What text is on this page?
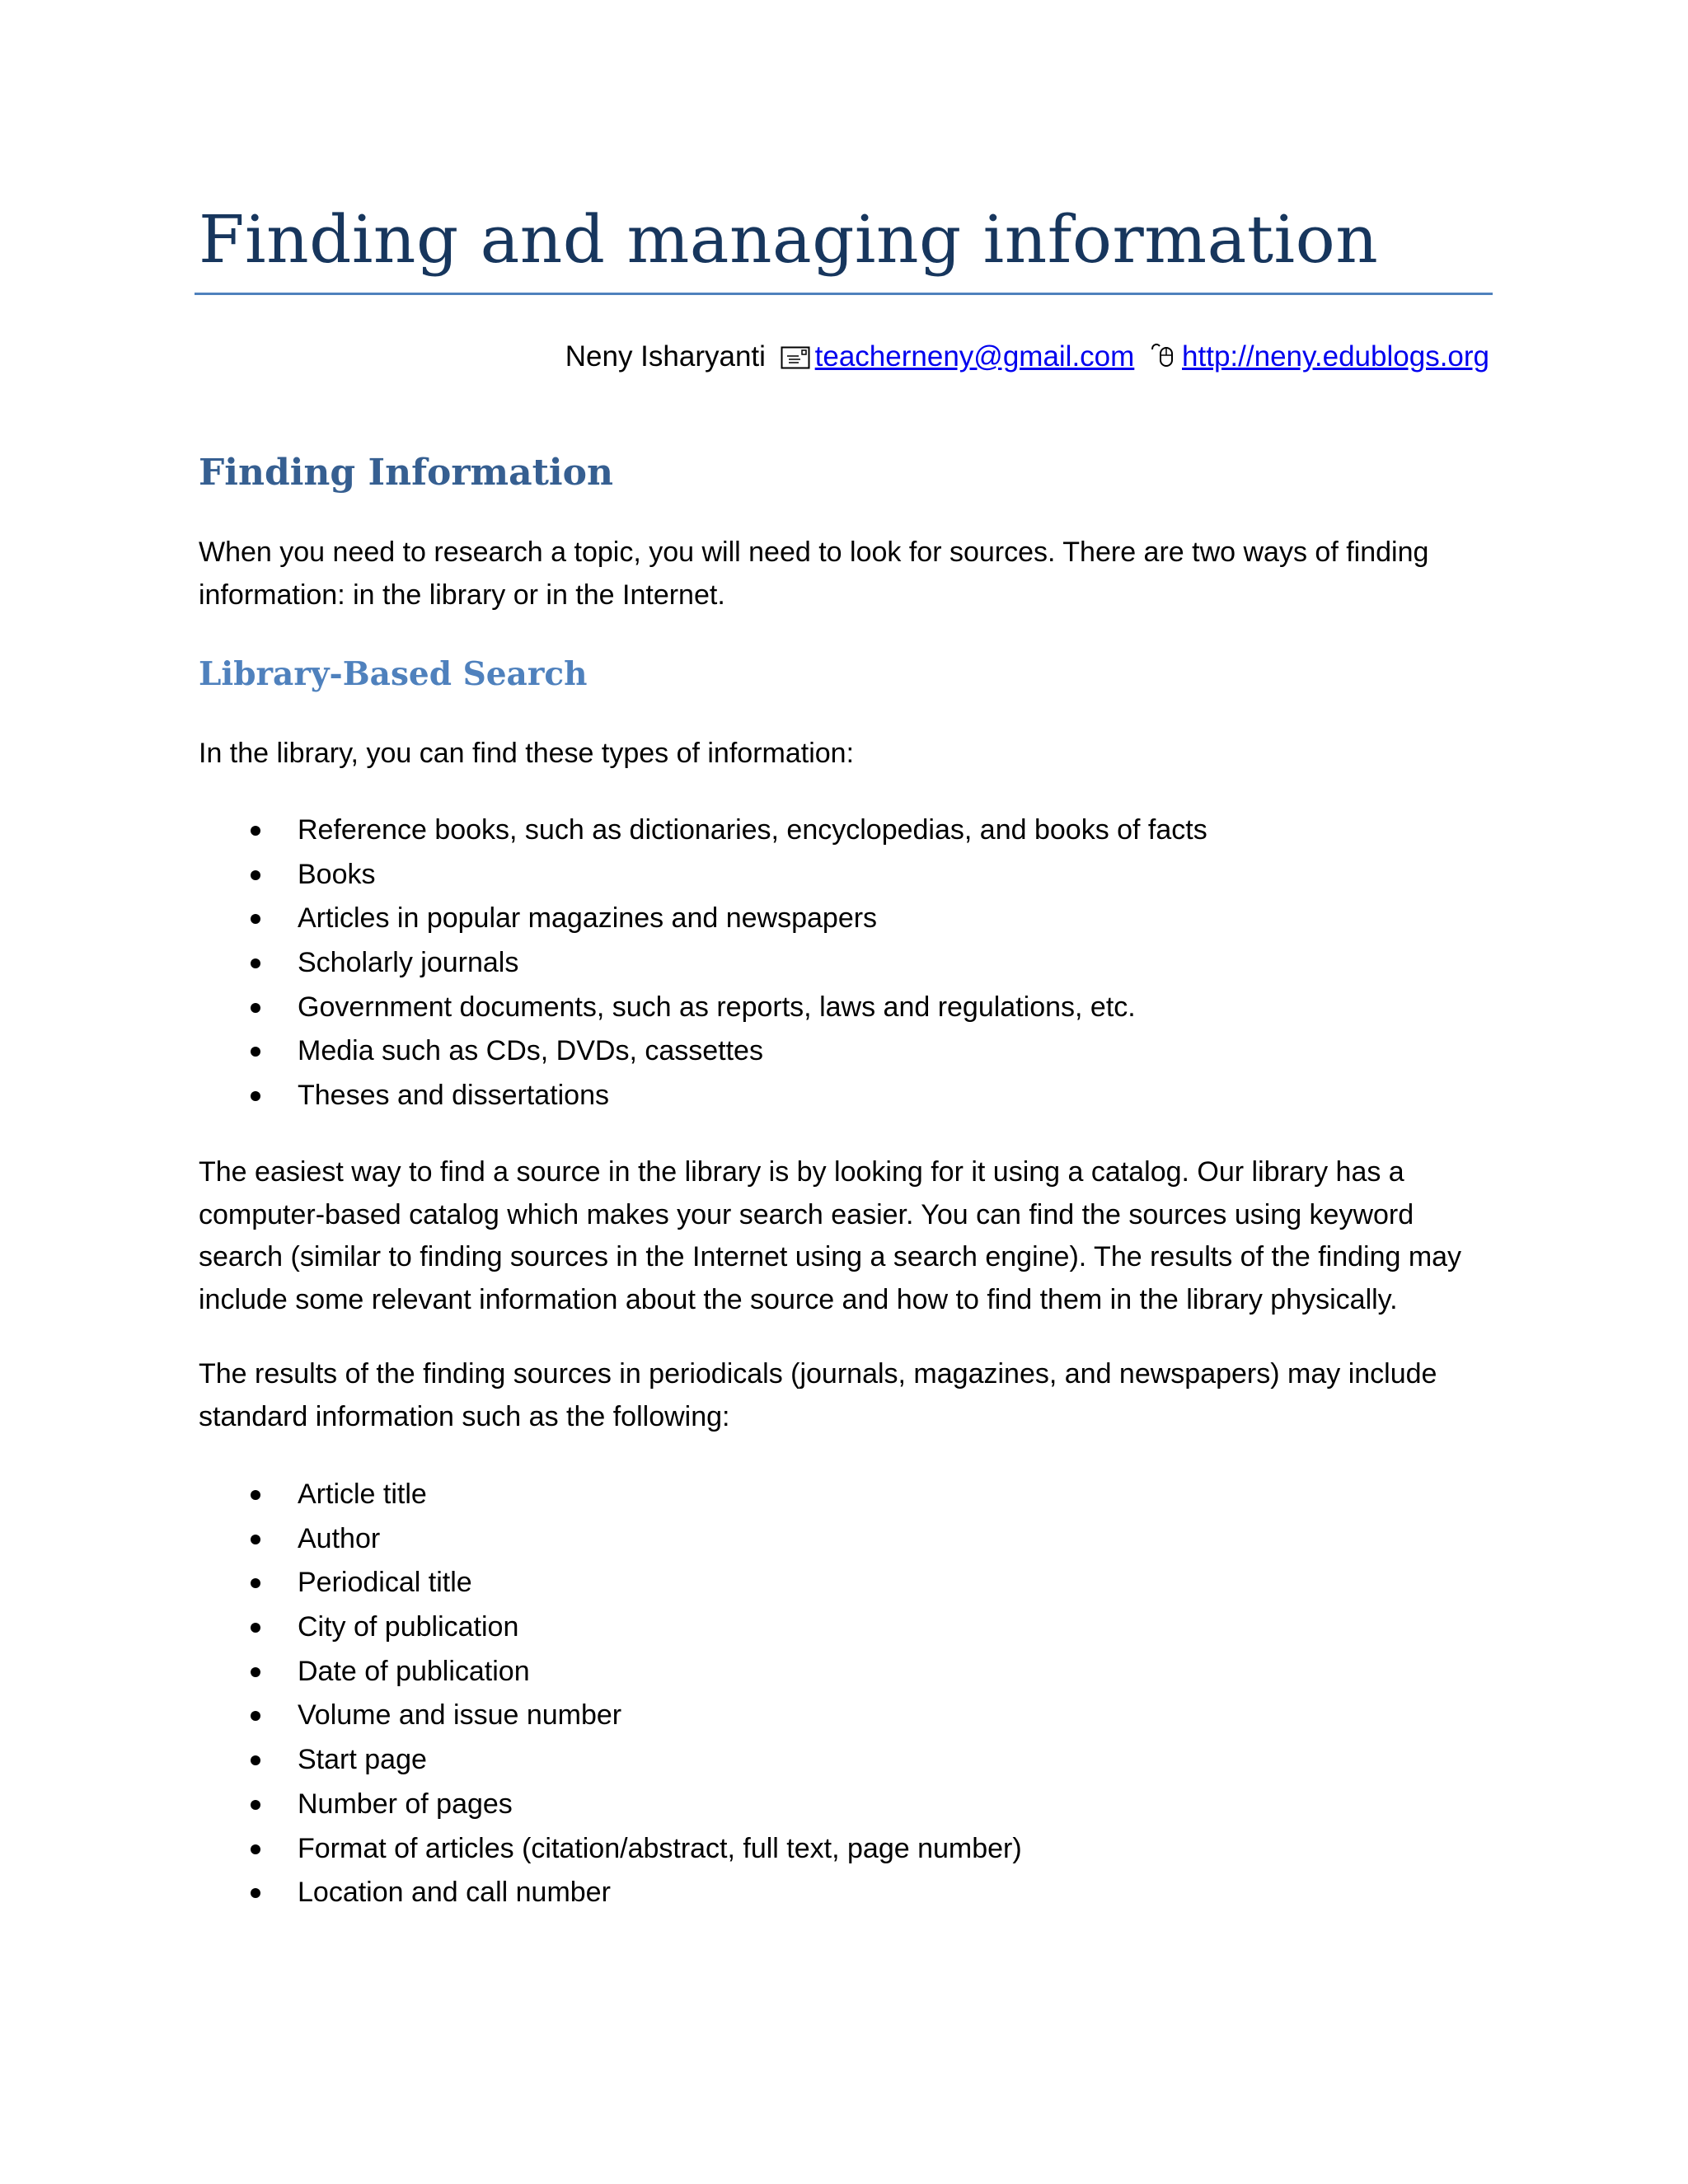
Finding and managing information
Neny Isharyanti teacherneny@gmail.com http://neny.edublogs.org
Finding Information

When you need to research a topic, you will need to look for sources. There are two ways of finding information: in the library or in the Internet.

Library-Based Search

In the library, you can find these types of information:

Reference books, such as dictionaries, encyclopedias, and books of facts
Books
Articles in popular magazines and newspapers
Scholarly journals
Government documents, such as reports, laws and regulations, etc.
Media such as CDs, DVDs, cassettes
Theses and dissertations

The easiest way to find a source in the library is by looking for it using a catalog. Our library has a computer-based catalog which makes your search easier. You can find the sources using keyword search (similar to finding sources in the Internet using a search engine). The results of the finding may include some relevant information about the source and how to find them in the library physically.

The results of the finding sources in periodicals (journals, magazines, and newspapers) may include standard information such as the following:

Article title
Author
Periodical title
City of publication
Date of publication
Volume and issue number
Start page
Number of pages
Format of articles (citation/abstract, full text, page number)
Location and call number
